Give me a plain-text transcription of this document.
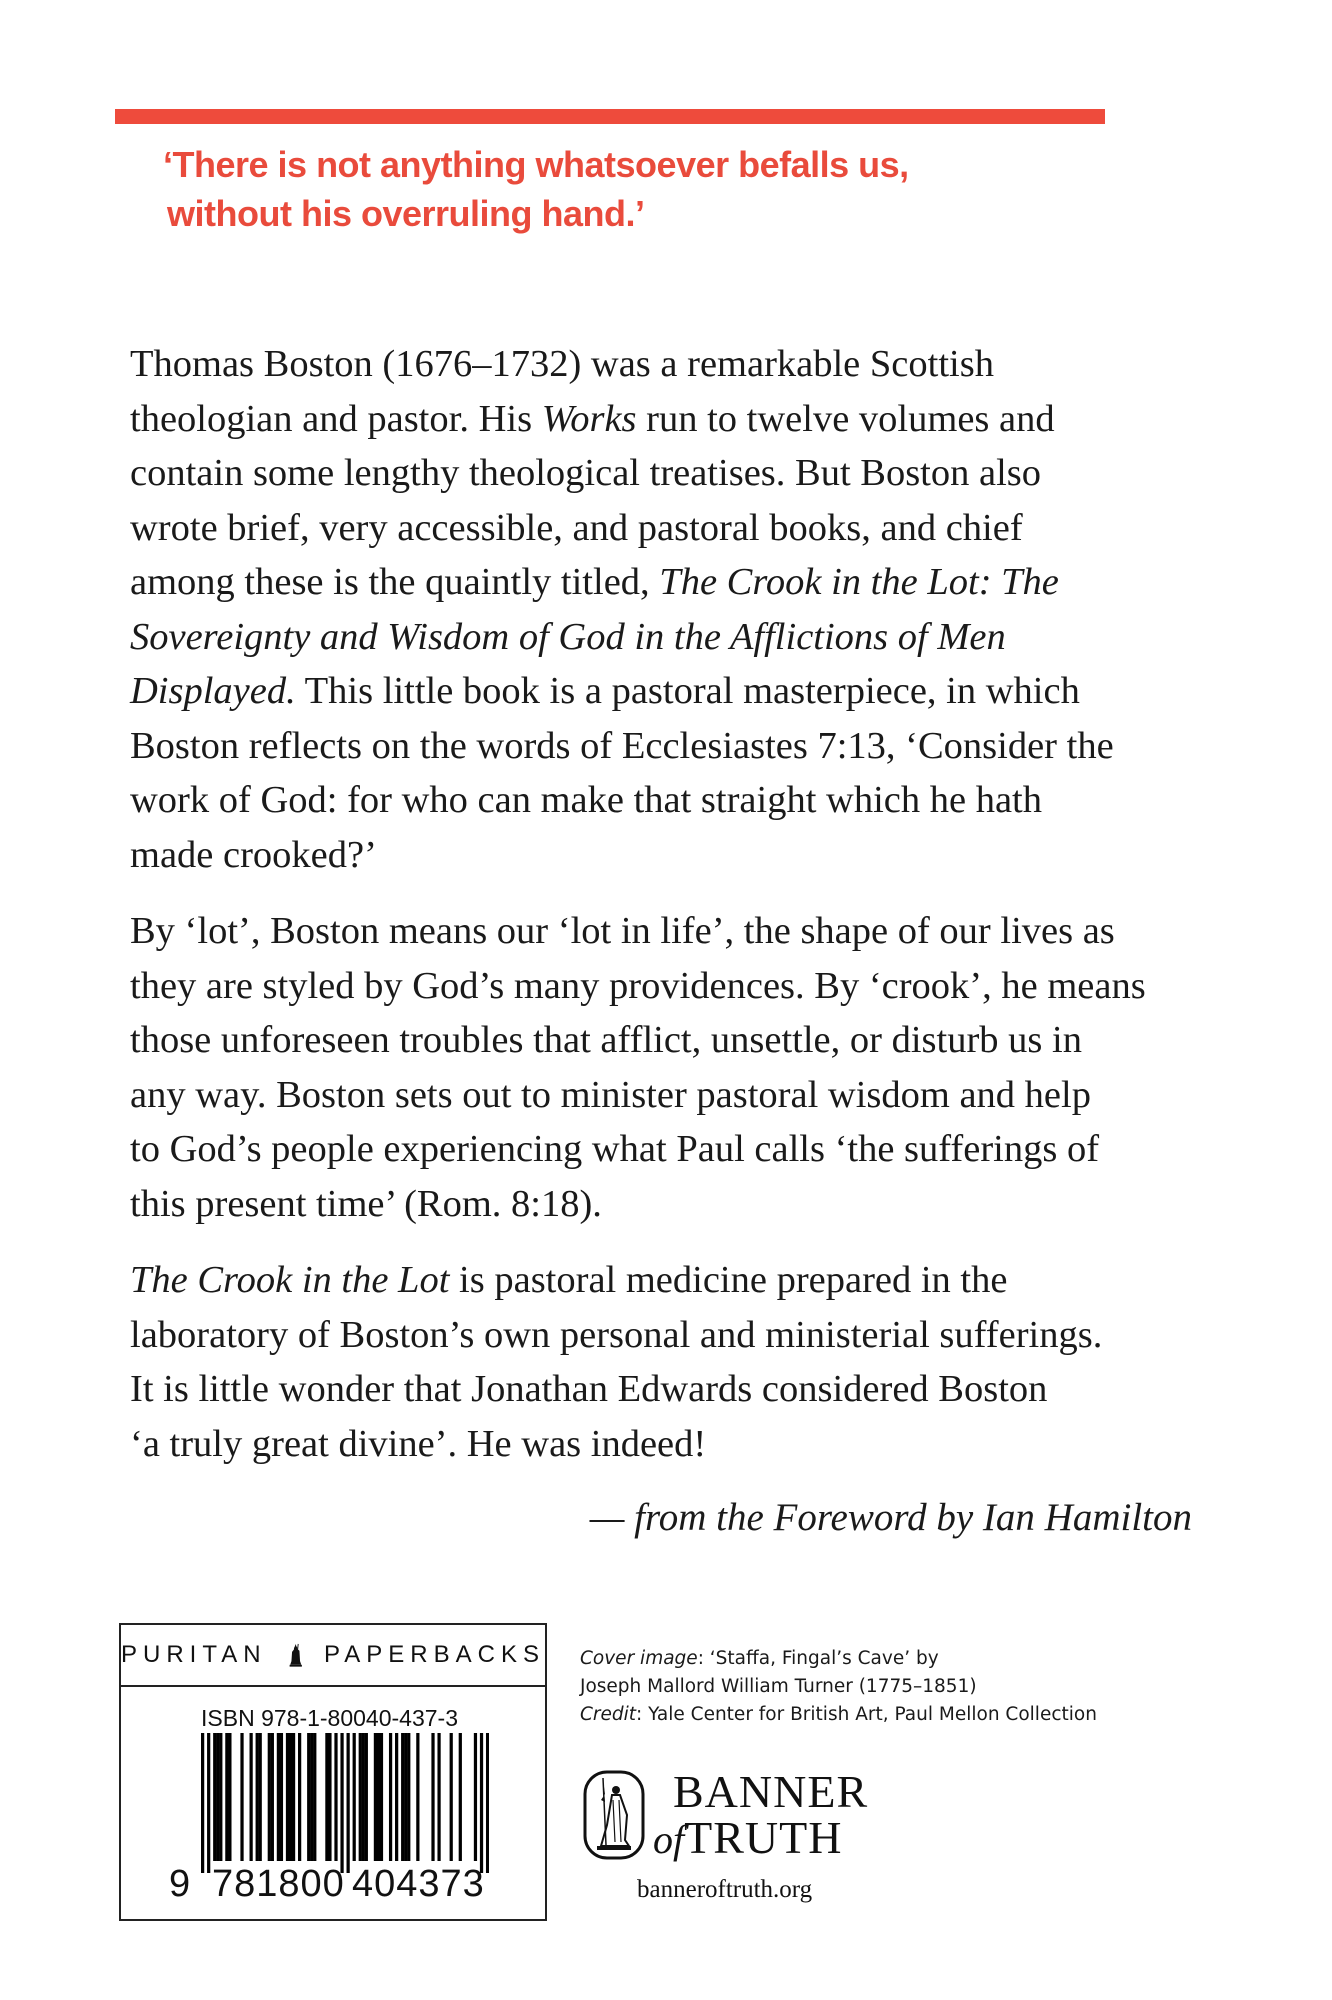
‘There is not anything whatsoever befalls us,
without his overruling hand.’

Thomas Boston (1676–1732) was a remarkable Scottish
theologian and pastor. His Works run to twelve volumes and
contain some lengthy theological treatises. But Boston also
wrote brief, very accessible, and pastoral books, and chief
among these is the quaintly titled, The Crook in the Lot: The
Sovereignty and Wisdom of God in the Afflictions of Men
Displayed. This little book is a pastoral masterpiece, in which
Boston reflects on the words of Ecclesiastes 7:13, ‘Consider the
work of God: for who can make that straight which he hath
made crooked?’

By ‘lot’, Boston means our ‘lot in life’, the shape of our lives as
they are styled by God’s many providences. By ‘crook’, he means
those unforeseen troubles that afflict, unsettle, or disturb us in
any way. Boston sets out to minister pastoral wisdom and help
to God’s people experiencing what Paul calls ‘the sufferings of
this present time’ (Rom. 8:18).

The Crook in the Lot is pastoral medicine prepared in the
laboratory of Boston’s own personal and ministerial sufferings.
It is little wonder that Jonathan Edwards considered Boston
‘a truly great divine’. He was indeed!

— from the Foreword by Ian Hamilton
PURITAN PAPERBACKS
ISBN 978-1-80040-437-3
9 781800 404373
Cover image: ‘Staffa, Fingal’s Cave’ by
Joseph Mallord William Turner (1775–1851)
Credit: Yale Center for British Art, Paul Mellon Collection
BANNER
ofTRUTH
banneroftruth.org
